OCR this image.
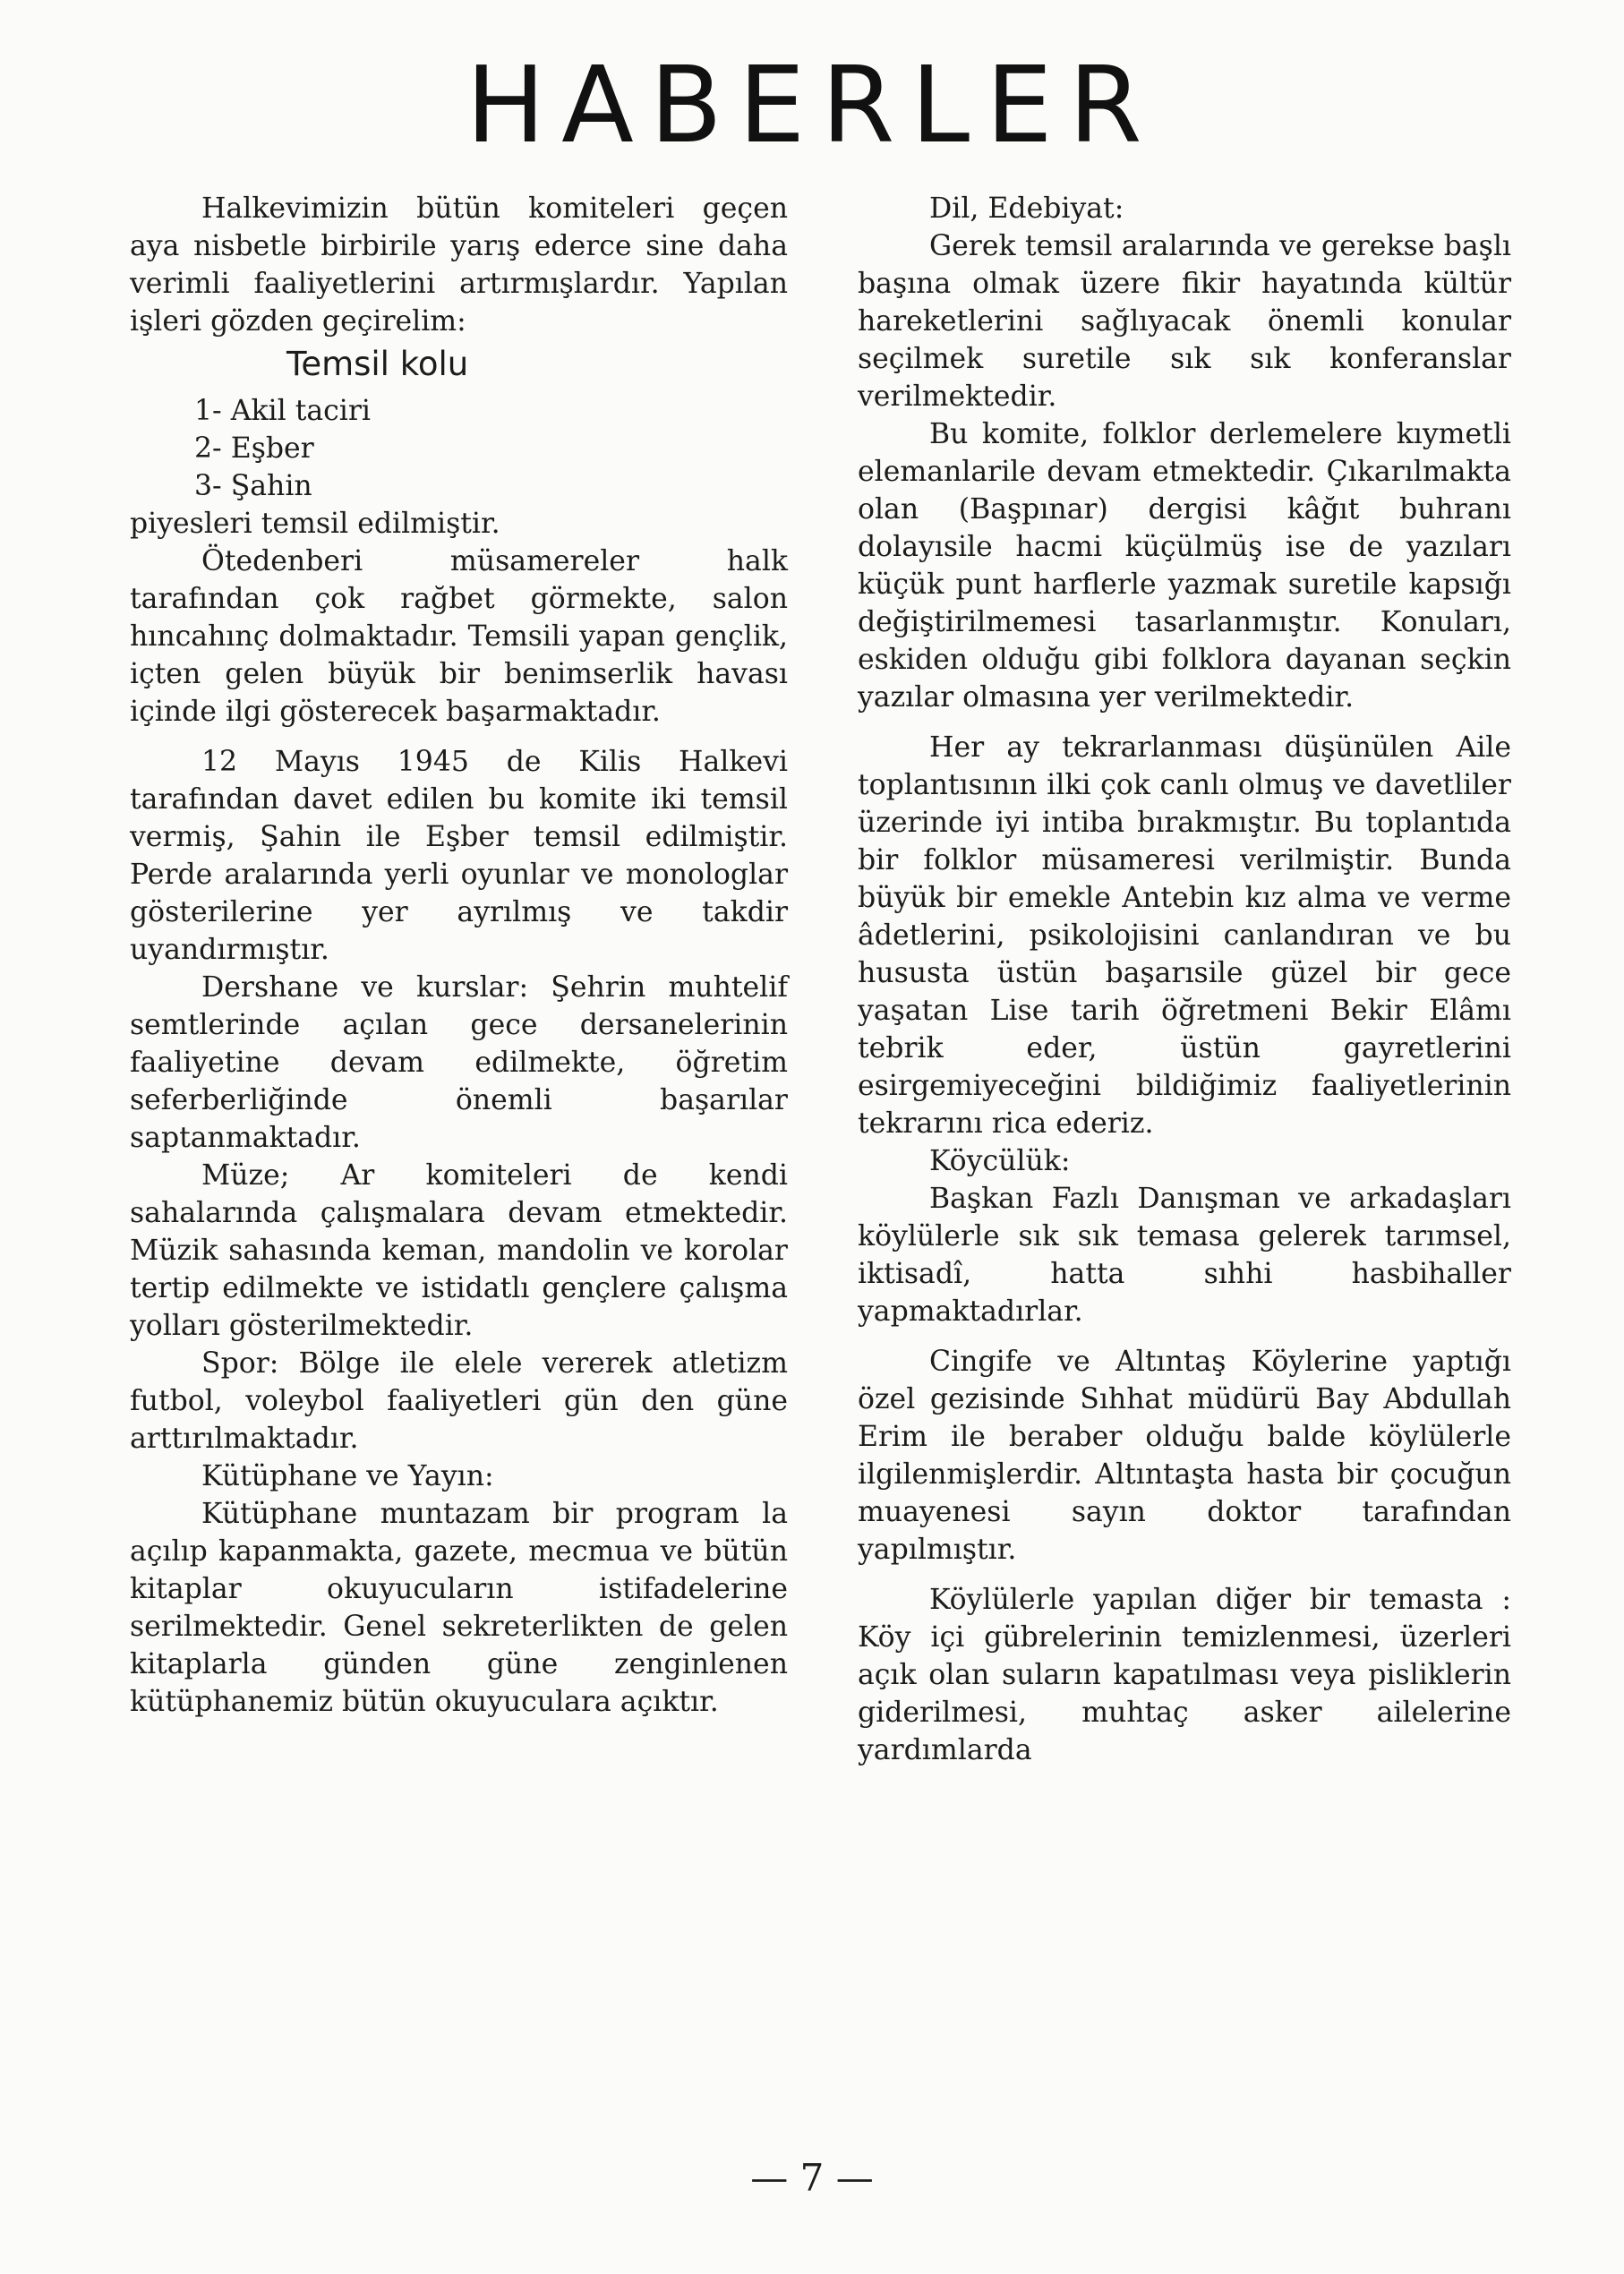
HABERLER

Halkevimizin bütün komiteleri geçen aya nisbetle birbirile yarış ederce sine daha verimli faaliyetlerini artırmışlardır. Yapılan işleri gözden geçirelim:

Temsil kolu

1- Akil taciri

2- Eşber

3- Şahin

piyesleri temsil edilmiştir.

Ötedenberi müsamereler halk tarafından çok rağbet görmekte, salon hıncahınç dolmaktadır. Temsili yapan gençlik, içten gelen büyük bir benimserlik havası içinde ilgi gösterecek başarmaktadır.

12 Mayıs 1945 de Kilis Halkevi tarafından davet edilen bu komite iki temsil vermiş, Şahin ile Eşber temsil edilmiştir. Perde aralarında yerli oyunlar ve monologlar gösterilerine yer ayrılmış ve takdir uyandırmıştır.

Dershane ve kurslar: Şehrin muhtelif semtlerinde açılan gece dersanelerinin faaliyetine devam edilmekte, öğretim seferberliğinde önemli başarılar saptanmaktadır.

Müze; Ar komiteleri de kendi sahalarında çalışmalara devam etmektedir. Müzik sahasında keman, mandolin ve korolar tertip edilmekte ve istidatlı gençlere çalışma yolları gösterilmektedir.

Spor: Bölge ile elele vererek atletizm futbol, voleybol faaliyetleri gün den güne arttırılmaktadır.

Kütüphane ve Yayın:

Kütüphane muntazam bir program la açılıp kapanmakta, gazete, mecmua ve bütün kitaplar okuyucuların istifadelerine serilmektedir. Genel sekreterlikten de gelen kitaplarla günden güne zenginlenen kütüphanemiz bütün okuyuculara açıktır.

Dil, Edebiyat:

Gerek temsil aralarında ve gerekse başlı başına olmak üzere fikir hayatında kültür hareketlerini sağlıyacak önemli konular seçilmek suretile sık sık konferanslar verilmektedir.

Bu komite, folklor derlemelere kıymetli elemanlarile devam etmektedir. Çıkarılmakta olan (Başpınar) dergisi kâğıt buhranı dolayısile hacmi küçülmüş ise de yazıları küçük punt harflerle yazmak suretile kapsığı değiştirilmemesi tasarlanmıştır. Konuları, eskiden olduğu gibi folklora dayanan seçkin yazılar olmasına yer verilmektedir.

Her ay tekrarlanması düşünülen Aile toplantısının ilki çok canlı olmuş ve davetliler üzerinde iyi intiba bırakmıştır. Bu toplantıda bir folklor müsameresi verilmiştir. Bunda büyük bir emekle Antebin kız alma ve verme âdetlerini, psikolojisini canlandıran ve bu hususta üstün başarısile güzel bir gece yaşatan Lise tarih öğretmeni Bekir Elâmı tebrik eder, üstün gayretlerini esirgemiyeceğini bildiğimiz faaliyetlerinin tekrarını rica ederiz.

Köycülük:

Başkan Fazlı Danışman ve arkadaşları köylülerle sık sık temasa gelerek tarımsel, iktisadî, hatta sıhhi hasbihaller yapmaktadırlar.

Cingife ve Altıntaş Köylerine yaptığı özel gezisinde Sıhhat müdürü Bay Abdullah Erim ile beraber olduğu balde köylülerle ilgilenmişlerdir. Altıntaşta hasta bir çocuğun muayenesi sayın doktor tarafından yapılmıştır.

Köylülerle yapılan diğer bir temasta : Köy içi gübrelerinin temizlenmesi, üzerleri açık olan suların kapatılması veya pisliklerin giderilmesi, muhtaç asker ailelerine yardımlarda

— 7 —
